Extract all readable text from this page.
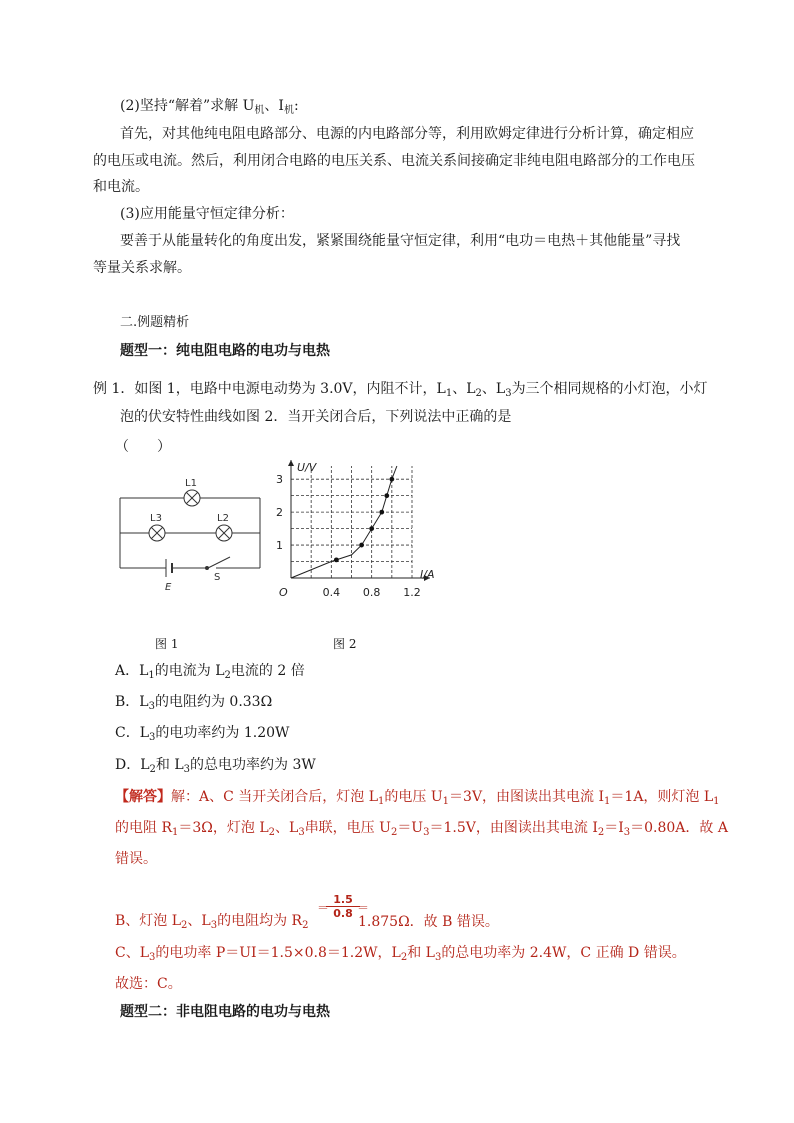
(2)坚持“解着”求解 $U_机$、$I_机$:
首先，对其他纯电阻电路部分、电源的内电路部分等，利用欧姆定律进行分析计算，确定相应
的电压或电流。然后，利用闭合电路的电压关系、电流关系间接确定非纯电阻电路部分的工作电压
和电流。
(3)应用能量守恒定律分析：
要善于从能量转化的角度出发，紧紧围绕能量守恒定律，利用“电功＝电热＋其他能量”寻找
等量关系求解。
二.例题精析
题型一：纯电阻电路的电功与电热
例 1．如图 1，电路中电源电动势为 3.0V，内阻不计，$L_1$、$L_2$、$L_3$为三个相同规格的小灯泡，小灯
泡的伏安特性曲线如图 2．当开关闭合后，下列说法中正确的是
（　　）
L1
L3	L2
E
S
0.4 0.8 1.2
1
2
3
U/V
I/A
O
图 1	图 2
A．$L_1$的电流为 $L_2$电流的 2 倍
B．$L_3$的电阻约为 0.33Ω
C．$L_3$的电功率约为 1.20W
D．$L_2$和 $L_3$的总电功率约为 3W
【解答】解：A、C 当开关闭合后，灯泡 $L_1$的电压 $U_1=3V$，由图读出其电流 $I_1=1A$，则灯泡 $L_1$
的电阻 $R_1=3\Omega$，灯泡 $L_2$、$L_3$串联，电压 $U_2=U_3=1.5V$，由图读出其电流 $I_2=I_3=0.80A$．故 A
错误。
B、灯泡 $L_2$、$L_3$的电阻均为 $R_2$
＝
$\frac{1.5}{0.8}$
＝
1.875Ω．故 B 错误。
C、$L_3$的电功率 P＝UI＝1.5×0.8＝1.2W，$L_2$和 $L_3$的总电功率为 2.4W，C 正确 D 错误。
故选：C。
题型二：非电阻电路的电功与电热
